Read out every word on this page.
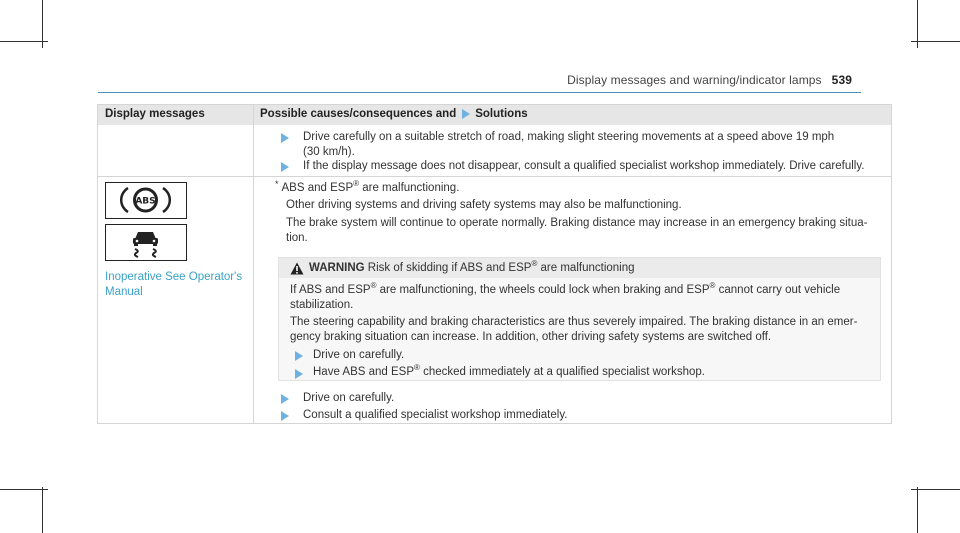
Display messages and warning/indicator lamps 539
Display messages	Possible causes/consequences and Solutions
Drive carefully on a suitable stretch of road, making slight steering movements at a speed above 19 mph
(30 km/h).
If the display message does not disappear, consult a qualified specialist workshop immediately. Drive carefully.
ABS
Inoperative See Operator's
Manual
* ABS and ESP® are malfunctioning.
Other driving systems and driving safety systems may also be malfunctioning.
The brake system will continue to operate normally. Braking distance may increase in an emergency braking situa-
tion.
WARNING Risk of skidding if ABS and ESP® are malfunctioning
If ABS and ESP® are malfunctioning, the wheels could lock when braking and ESP® cannot carry out vehicle
stabilization.
The steering capability and braking characteristics are thus severely impaired. The braking distance in an emer-
gency braking situation can increase. In addition, other driving safety systems are switched off.
Drive on carefully.
Have ABS and ESP® checked immediately at a qualified specialist workshop.
Drive on carefully.
Consult a qualified specialist workshop immediately.
